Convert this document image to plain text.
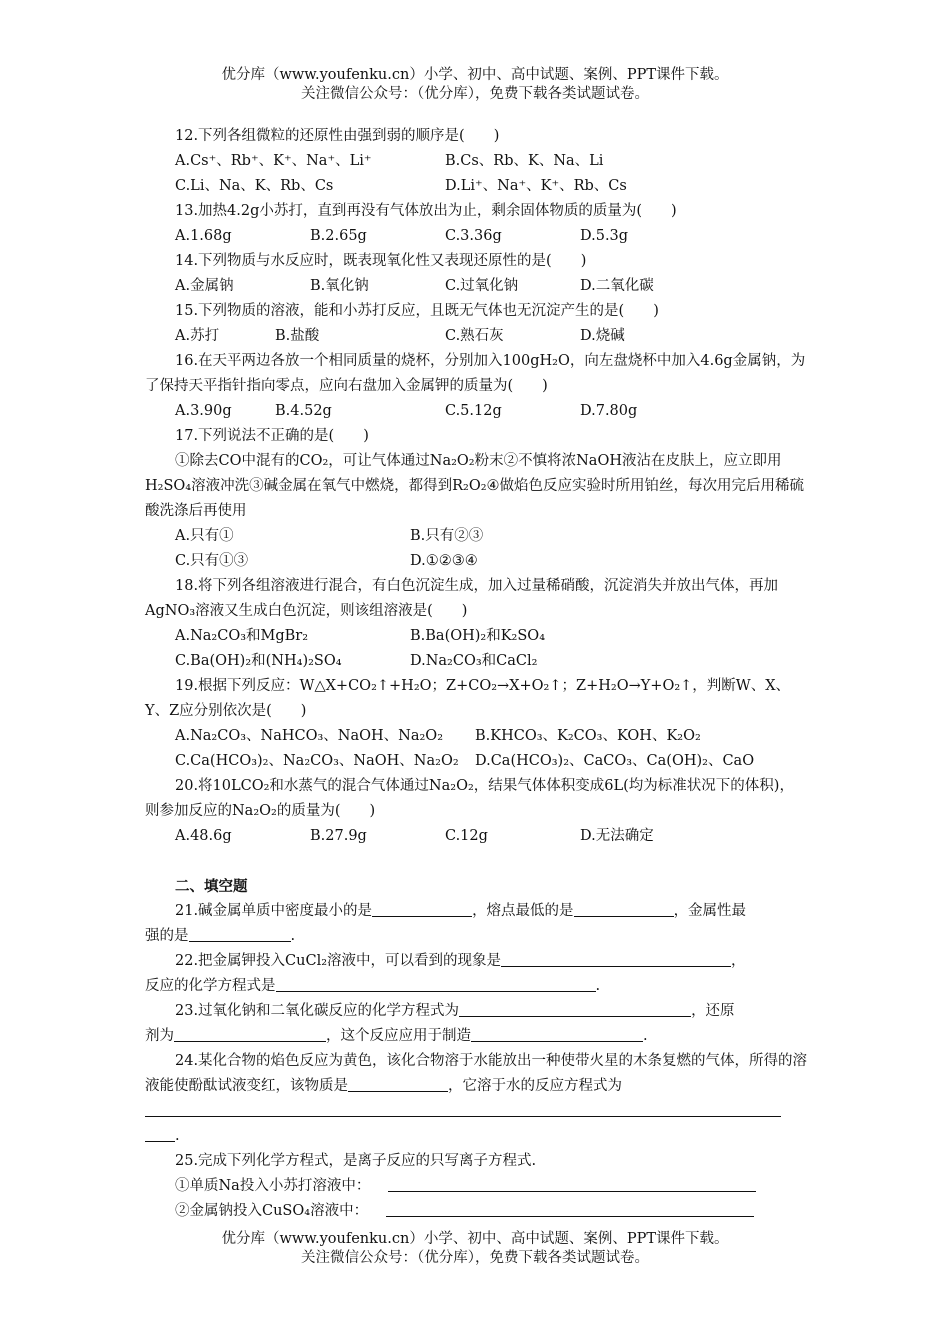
优分库（www.youfenku.cn）小学、初中、高中试题、案例、PPT课件下载。
关注微信公众号：（优分库），免费下载各类试题试卷。
12.下列各组微粒的还原性由强到弱的顺序是(　　)
A.Cs⁺、Rb⁺、K⁺、Na⁺、Li⁺	B.Cs、Rb、K、Na、Li
C.Li、Na、K、Rb、Cs	D.Li⁺、Na⁺、K⁺、Rb、Cs
13.加热4.2g小苏打，直到再没有气体放出为止，剩余固体物质的质量为(　　)
A.1.68g	B.2.65g	C.3.36g	D.5.3g
14.下列物质与水反应时，既表现氧化性又表现还原性的是(　　)
A.金属钠	B.氧化钠	C.过氧化钠	D.二氧化碳
15.下列物质的溶液，能和小苏打反应，且既无气体也无沉淀产生的是(　　)
A.苏打	B.盐酸	C.熟石灰	D.烧碱
16.在天平两边各放一个相同质量的烧杯，分别加入100gH₂O，向左盘烧杯中加入4.6g金属钠，为了保持天平指针指向零点，应向右盘加入金属钾的质量为(　　)
A.3.90g	B.4.52g	C.5.12g	D.7.80g
17.下列说法不正确的是(　　)
①除去CO中混有的CO₂，可让气体通过Na₂O₂粉末②不慎将浓NaOH液沾在皮肤上，应立即用H₂SO₄溶液冲洗③碱金属在氧气中燃烧，都得到R₂O₂④做焰色反应实验时所用铂丝，每次用完后用稀硫酸洗涤后再使用
A.只有①	B.只有②③
C.只有①③	D.①②③④
18.将下列各组溶液进行混合，有白色沉淀生成，加入过量稀硝酸，沉淀消失并放出气体，再加AgNO₃溶液又生成白色沉淀，则该组溶液是(　　)
A.Na₂CO₃和MgBr₂	B.Ba(OH)₂和K₂SO₄
C.Ba(OH)₂和(NH₄)₂SO₄	D.Na₂CO₃和CaCl₂
19.根据下列反应：W△X+CO₂↑+H₂O；Z+CO₂→X+O₂↑；Z+H₂O→Y+O₂↑，判断W、X、Y、Z应分别依次是(　　)
A.Na₂CO₃、NaHCO₃、NaOH、Na₂O₂	B.KHCO₃、K₂CO₃、KOH、K₂O₂
C.Ca(HCO₃)₂、Na₂CO₃、NaOH、Na₂O₂	D.Ca(HCO₃)₂、CaCO₃、Ca(OH)₂、CaO
20.将10LCO₂和水蒸气的混合气体通过Na₂O₂，结果气体体积变成6L(均为标准状况下的体积)，则参加反应的Na₂O₂的质量为(　　)
A.48.6g	B.27.9g	C.12g	D.无法确定
二、填空题
21.碱金属单质中密度最小的是	，熔点最低的是	，金属性最
强的是	.
22.把金属钾投入CuCl₂溶液中，可以看到的现象是	，
反应的化学方程式是	.
23.过氧化钠和二氧化碳反应的化学方程式为	，还原
剂为	，这个反应应用于制造	.
24.某化合物的焰色反应为黄色，该化合物溶于水能放出一种使带火星的木条复燃的气体，所得的溶液能使酚酞试液变红，该物质是	，它溶于水的反应方程式为
.
25.完成下列化学方程式，是离子反应的只写离子方程式.
①单质Na投入小苏打溶液中：
②金属钠投入CuSO₄溶液中：
优分库（www.youfenku.cn）小学、初中、高中试题、案例、PPT课件下载。
关注微信公众号：（优分库），免费下载各类试题试卷。
